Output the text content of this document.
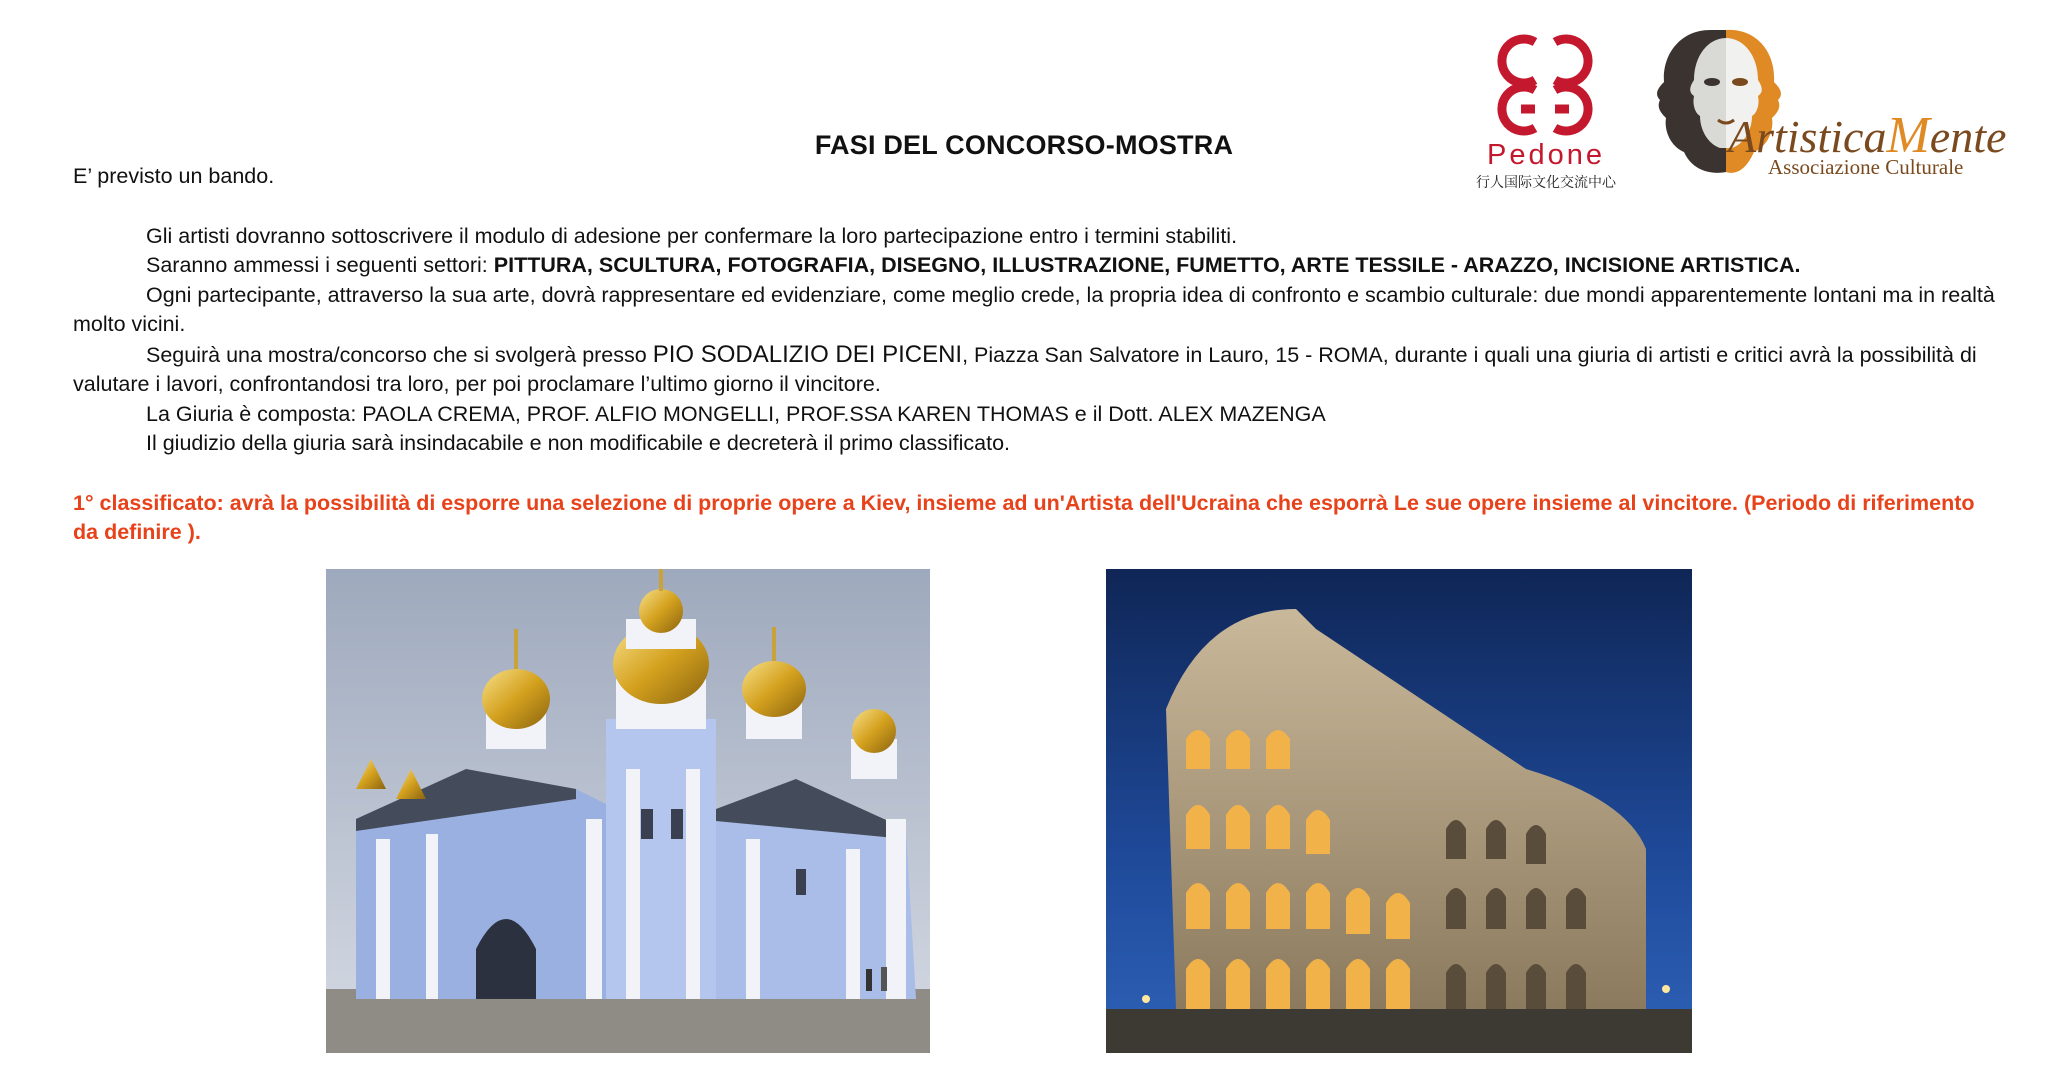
Pedone
行人国际文化交流中心
ArtisticaMente
Associazione Culturale
FASI DEL CONCORSO-MOSTRA

E’ previsto un bando.

Gli artisti dovranno sottoscrivere il modulo di adesione per confermare la loro partecipazione entro i termini stabiliti.

Saranno ammessi i seguenti settori: PITTURA, SCULTURA, FOTOGRAFIA, DISEGNO, ILLUSTRAZIONE, FUMETTO, ARTE TESSILE - ARAZZO, INCISIONE ARTISTICA.

Ogni partecipante, attraverso la sua arte, dovrà rappresentare ed evidenziare, come meglio crede, la propria idea di confronto e scambio culturale: due mondi apparentemente lontani ma in realtà molto vicini.

Seguirà una mostra/concorso che si svolgerà presso PIO SODALIZIO DEI PICENI, Piazza San Salvatore in Lauro, 15 - ROMA, durante i quali una giuria di artisti e critici avrà la possibilità di valutare i lavori, confrontandosi tra loro, per poi proclamare l’ultimo giorno il vincitore.

La Giuria è composta: PAOLA CREMA, PROF. ALFIO MONGELLI, PROF.SSA KAREN THOMAS e il Dott. ALEX MAZENGA

Il giudizio della giuria sarà insindacabile e non modificabile e decreterà il primo classificato.

1° classificato: avrà la possibilità di esporre una selezione di proprie opere a Kiev, insieme ad un'Artista dell'Ucraina che esporrà Le sue opere insieme al vincitore. (Periodo di riferimento da definire ).
